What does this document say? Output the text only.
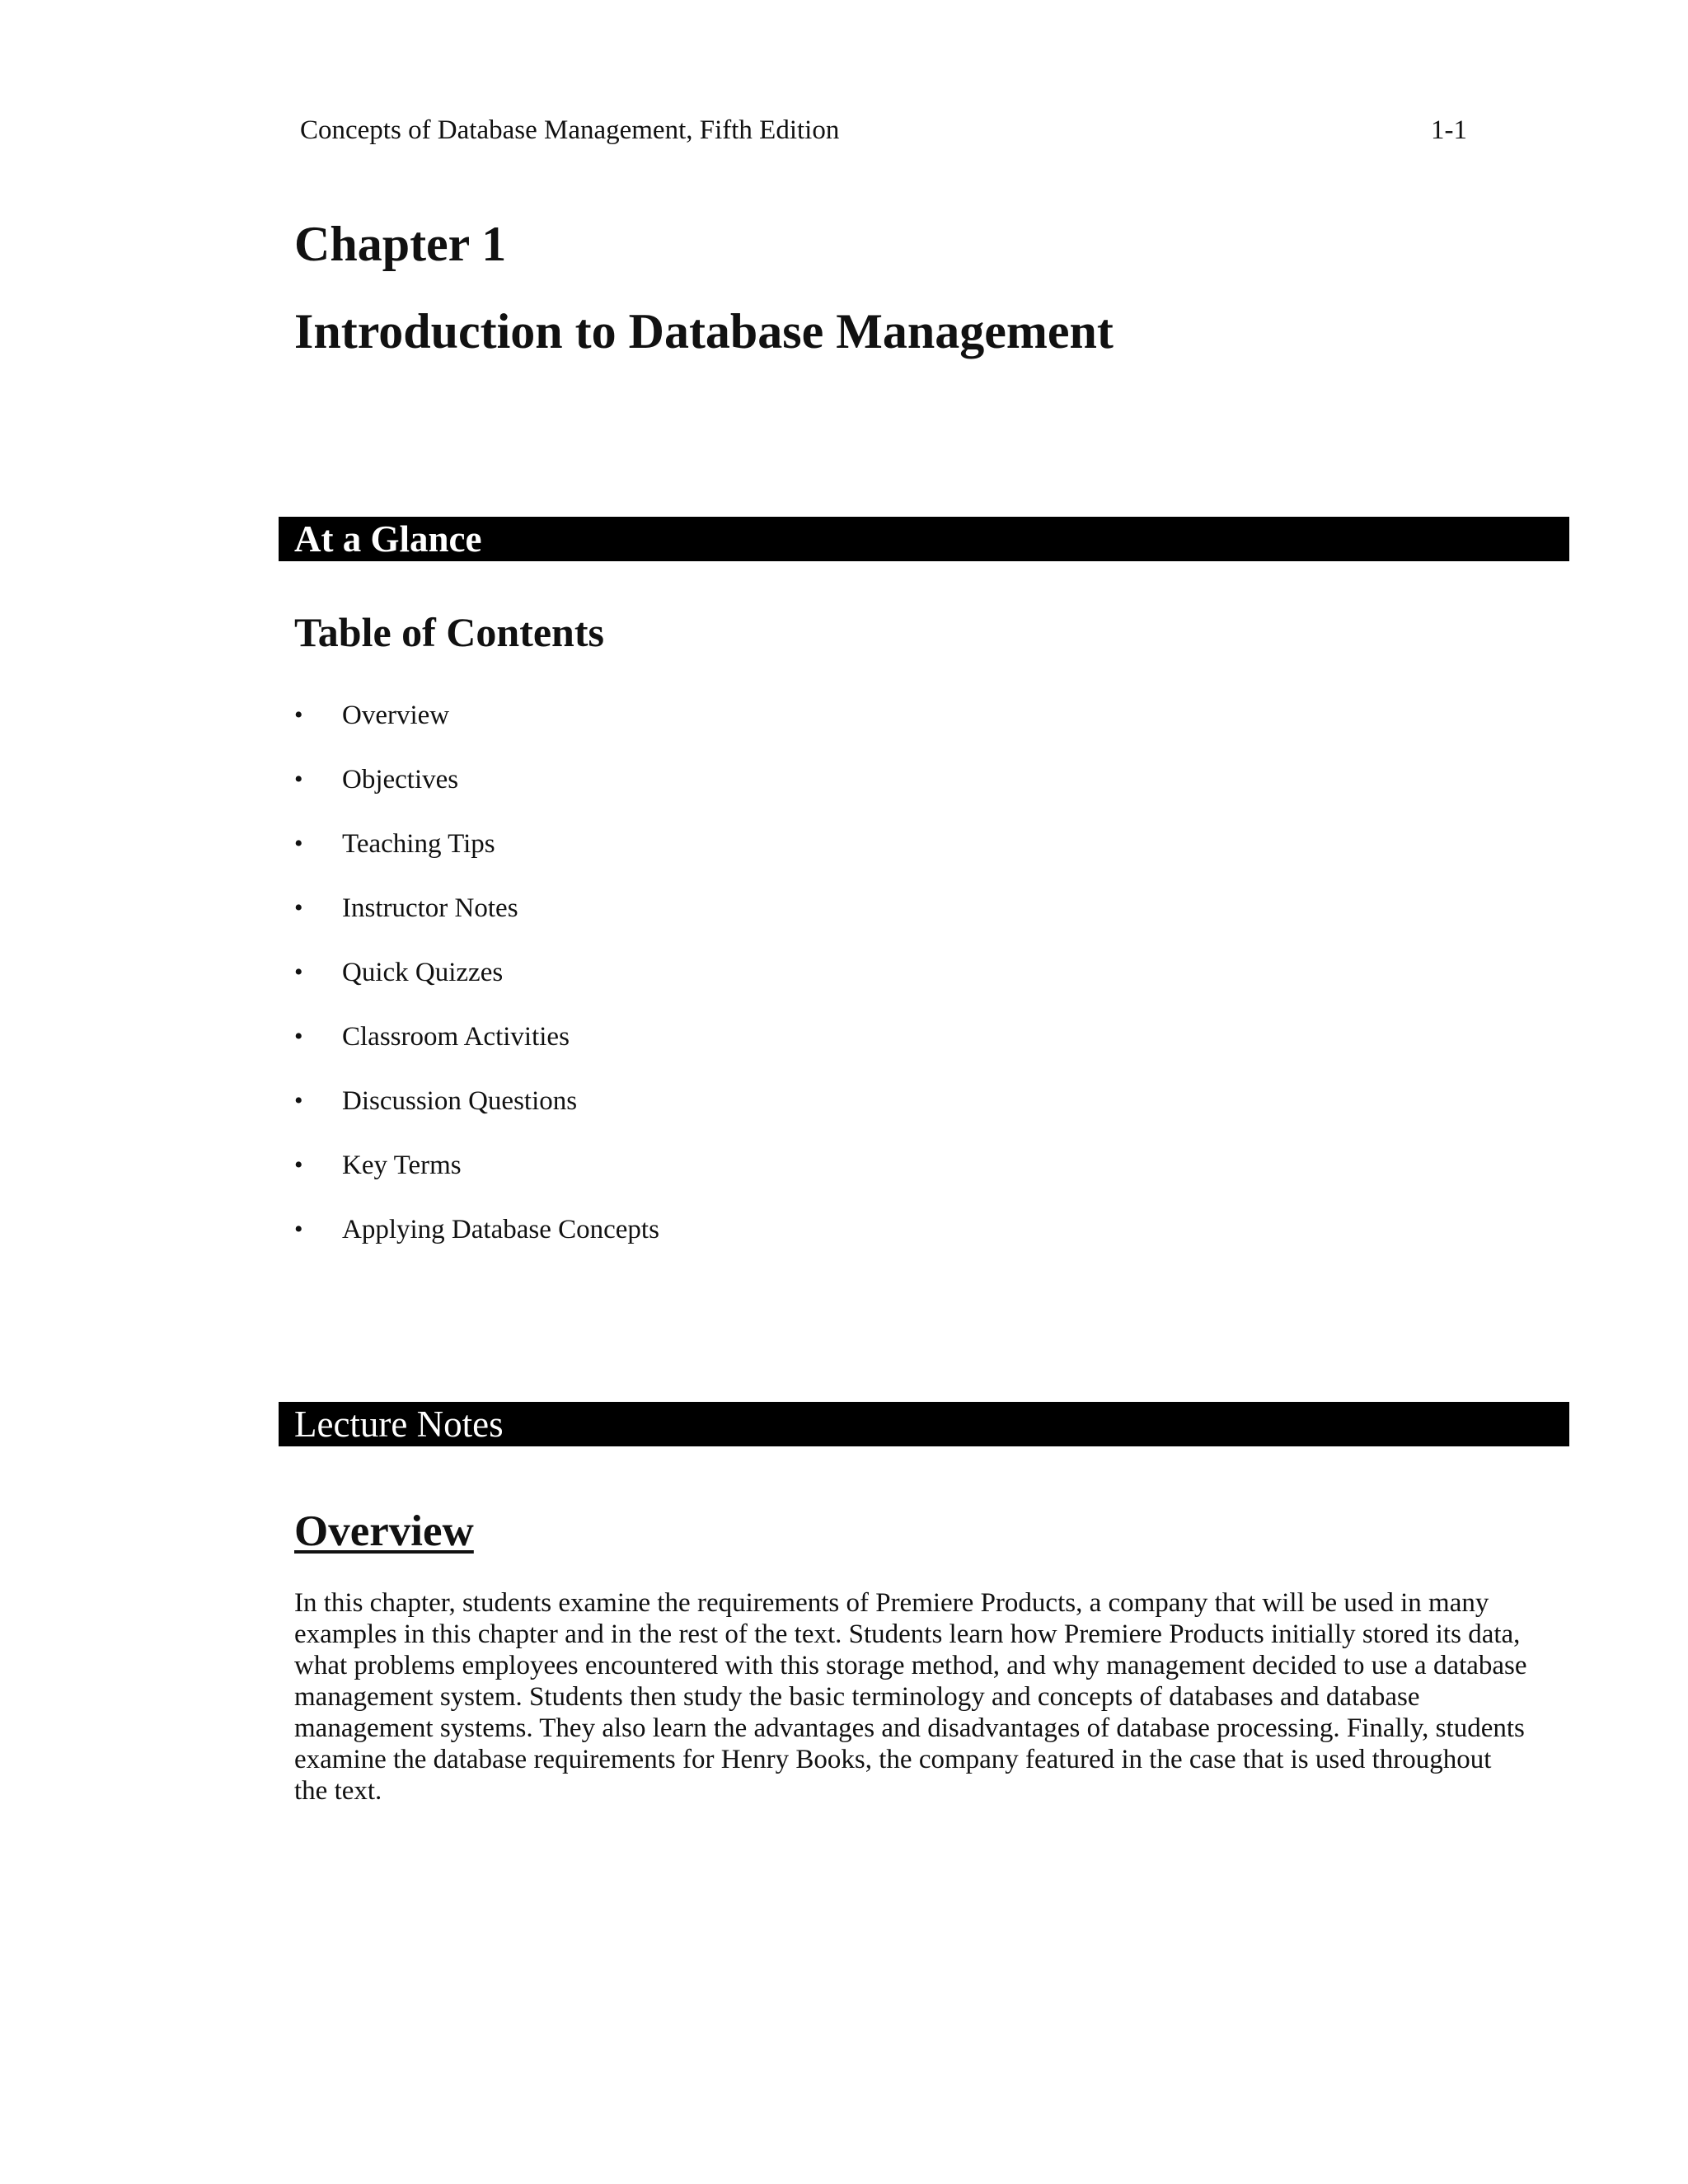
Concepts of Database Management, Fifth Edition	1-1
Chapter 1
Introduction to Database Management
At a Glance
Table of Contents
• Overview
• Objectives
• Teaching Tips
• Instructor Notes
• Quick Quizzes
• Classroom Activities
• Discussion Questions
• Key Terms
• Applying Database Concepts
Lecture Notes
Overview

In this chapter, students examine the requirements of Premiere Products, a company that will be used in many examples in this chapter and in the rest of the text. Students learn how Premiere Products initially stored its data, what problems employees encountered with this storage method, and why management decided to use a database management system. Students then study the basic terminology and concepts of databases and database management systems. They also learn the advantages and disadvantages of database processing. Finally, students examine the database requirements for Henry Books, the company featured in the case that is used throughout the text.
